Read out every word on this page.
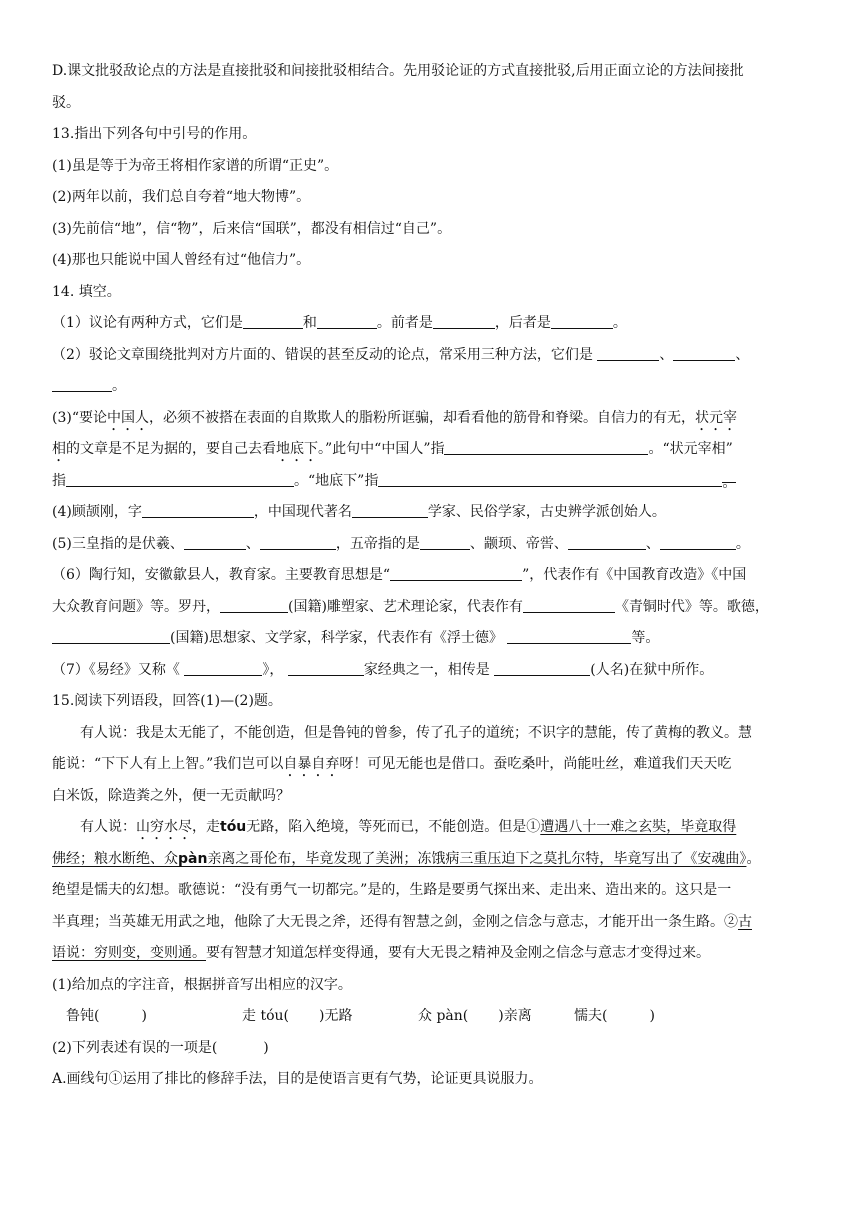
D.课文批驳敌论点的方法是直接批驳和间接批驳相结合。先用驳论证的方式直接批驳,后用正面立论的方法间接批
驳。
13.指出下列各句中引号的作用。
(1)虽是等于为帝王将相作家谱的所谓“正史”。
(2)两年以前，我们总自夸着“地大物博”。
(3)先前信“地”，信“物”，后来信“国联”，都没有相信过“自己”。
(4)那也只能说中国人曾经有过“他信力”。
14. 填空。
（1）议论有两种方式，它们是	和	。前者是	，后者是	。
（2）驳论文章围绕批判对方片面的、错误的甚至反动的论点，常采用三种方法，它们是	、	、
。
(3)“要论中国人，必须不被搭在表面的自欺欺人的脂粉所诓骗，却看看他的筋骨和脊梁。自信力的有无，状元宰
相的文章是不足为据的，要自己去看地底下。”此句中“中国人”指	。“状元宰相”
指	。“地底下”指	。
(4)顾颉刚，字	，中国现代著名	学家、民俗学家，古史辨学派创始人。
(5)三皇指的是伏羲、	、	，五帝指的是	、颛顼、帝喾、	、	。
（6）陶行知，安徽歙县人，教育家。主要教育思想是“	”，代表作有《中国教育改造》《中国
大众教育问题》等。罗丹，	(国籍)雕塑家、艺术理论家，代表作有	《青铜时代》等。歌德，
(国籍)思想家、文学家，科学家，代表作有《浮士德》	等。
（7）《易经》又称《	》，	家经典之一，相传是	(人名)在狱中所作。
15.阅读下列语段，回答(1)—(2)题。
有人说：我是太无能了，不能创造，但是鲁钝的曾参，传了孔子的道统；不识字的慧能，传了黄梅的教义。慧
能说：“下下人有上上智。”我们岂可以自暴自弃呀！可见无能也是借口。蚕吃桑叶，尚能吐丝，难道我们天天吃
白米饭，除造粪之外，便一无贡献吗？
有人说：山穷水尽，走tóu无路，陷入绝境，等死而已，不能创造。但是①遭遇八十一难之玄奘，毕竟取得
佛经；粮水断绝、众pàn亲离之哥伦布，毕竟发现了美洲；冻饿病三重压迫下之莫扎尔特，毕竟写出了《安魂曲》。
绝望是懦夫的幻想。歌德说：“没有勇气一切都完。”是的，生路是要勇气探出来、走出来、造出来的。这只是一
半真理；当英雄无用武之地，他除了大无畏之斧，还得有智慧之剑，金刚之信念与意志，才能开出一条生路。②古
语说：穷则变，变则通。要有智慧才知道怎样变得通，要有大无畏之精神及金刚之信念与意志才变得过来。
(1)给加点的字注音，根据拼音写出相应的汉字。
鲁钝(	)	走 tóu( )无路	众 pàn( )亲离	懦夫(	)
(2)下列表述有误的一项是(	)
A.画线句①运用了排比的修辞手法，目的是使语言更有气势，论证更具说服力。
